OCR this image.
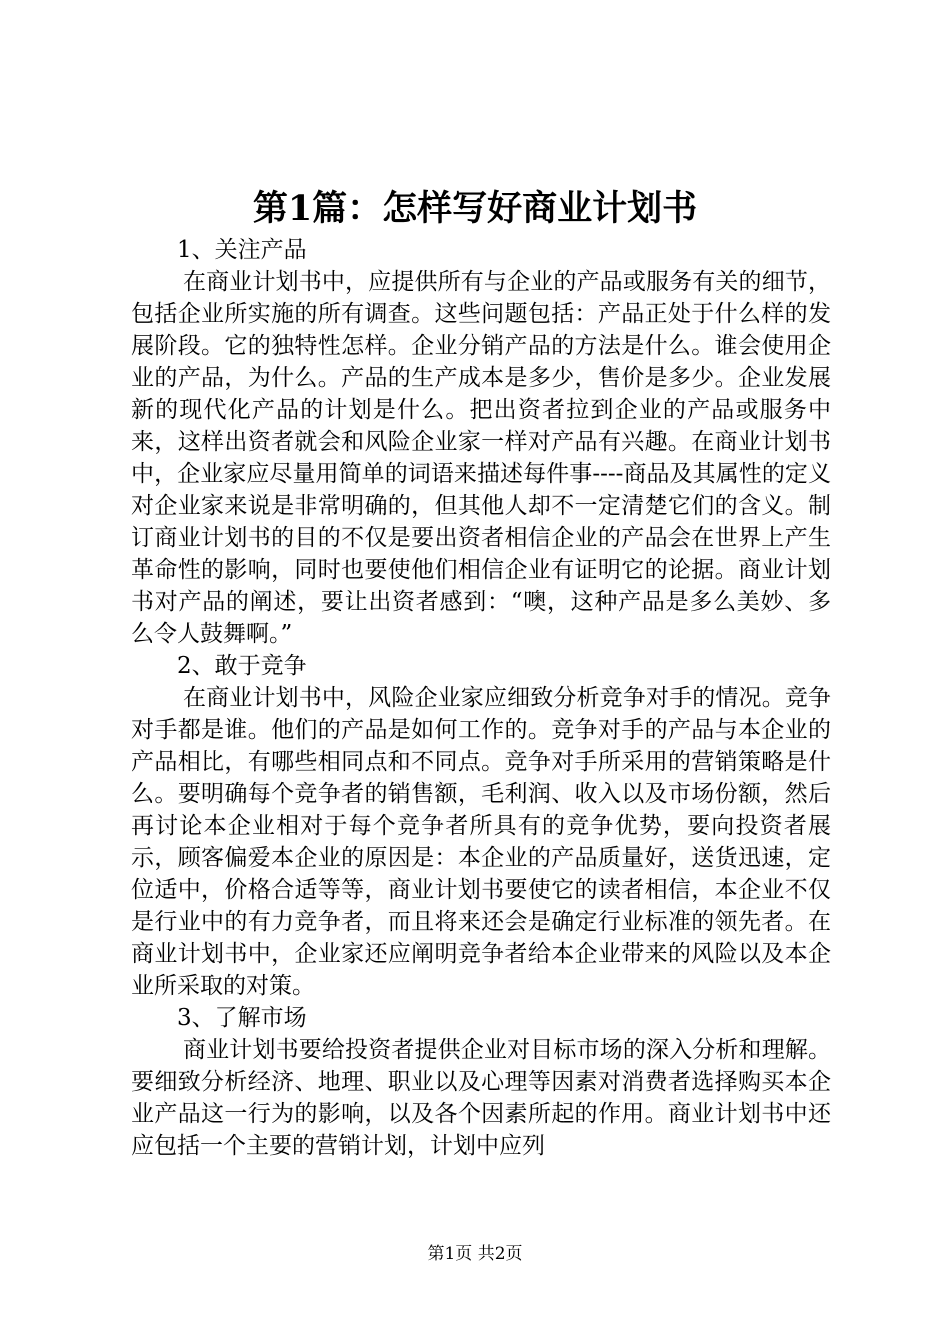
第1篇：怎样写好商业计划书

1、关注产品

在商业计划书中，应提供所有与企业的产品或服务有关的细节，包括企业所实施的所有调查。这些问题包括：产品正处于什么样的发展阶段。它的独特性怎样。企业分销产品的方法是什么。谁会使用企业的产品，为什么。产品的生产成本是多少，售价是多少。企业发展新的现代化产品的计划是什么。把出资者拉到企业的产品或服务中来，这样出资者就会和风险企业家一样对产品有兴趣。在商业计划书中，企业家应尽量用简单的词语来描述每件事----商品及其属性的定义对企业家来说是非常明确的，但其他人却不一定清楚它们的含义。制订商业计划书的目的不仅是要出资者相信企业的产品会在世界上产生革命性的影响，同时也要使他们相信企业有证明它的论据。商业计划书对产品的阐述，要让出资者感到：“噢，这种产品是多么美妙、多么令人鼓舞啊。”

2、敢于竞争

在商业计划书中，风险企业家应细致分析竞争对手的情况。竞争对手都是谁。他们的产品是如何工作的。竞争对手的产品与本企业的产品相比，有哪些相同点和不同点。竞争对手所采用的营销策略是什么。要明确每个竞争者的销售额，毛利润、收入以及市场份额，然后再讨论本企业相对于每个竞争者所具有的竞争优势，要向投资者展示，顾客偏爱本企业的原因是：本企业的产品质量好，送货迅速，定位适中，价格合适等等，商业计划书要使它的读者相信，本企业不仅是行业中的有力竞争者，而且将来还会是确定行业标准的领先者。在商业计划书中，企业家还应阐明竞争者给本企业带来的风险以及本企业所采取的对策。

3、了解市场

商业计划书要给投资者提供企业对目标市场的深入分析和理解。要细致分析经济、地理、职业以及心理等因素对消费者选择购买本企业产品这一行为的影响，以及各个因素所起的作用。商业计划书中还应包括一个主要的营销计划，计划中应列

第1页 共2页
